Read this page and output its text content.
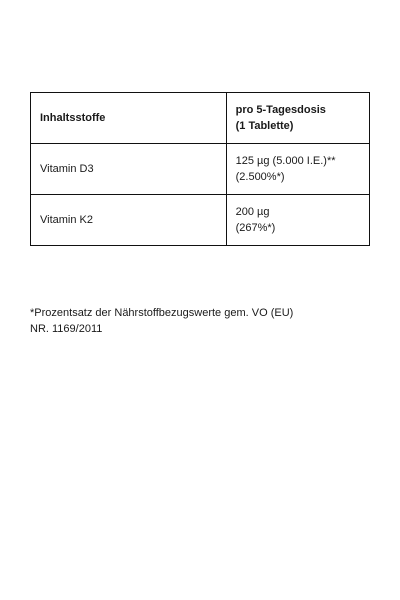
Inhaltsstoffe	pro 5-Tagesdosis
(1 Tablette)

Vitamin D3	125 µg (5.000 I.E.)**
(2.500%*)

Vitamin K2	200 µg
(267%*)
*Prozentsatz der Nährstoffbezugswerte gem. VO (EU)
NR. 1169/2011
